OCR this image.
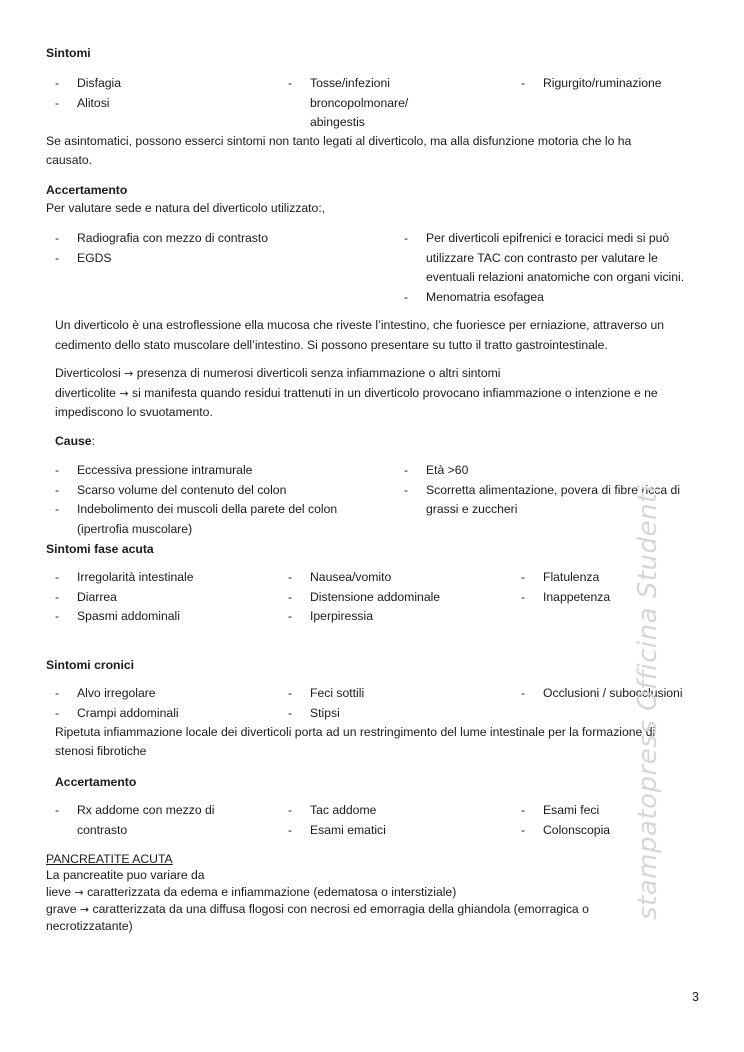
Sintomi
- Disfagia
- Alitosi
- Tosse/infezioni broncopolmonare/ abingestis
- Rigurgito/ruminazione
Se asintomatici, possono esserci sintomi non tanto legati al diverticolo, ma alla disfunzione motoria che lo ha
causato.
Accertamento
Per valutare sede e natura del diverticolo utilizzato:,
- Radiografia con mezzo di contrasto
- EGDS
- Per diverticoli epifrenici e toracici medi si può utilizzare TAC con contrasto per valutare le eventuali relazioni anatomiche con organi vicini.
- Menomatria esofagea
Un diverticolo è una estroflessione ella mucosa che riveste l’intestino, che fuoriesce per erniazione, attraverso un
cedimento dello stato muscolare dell’intestino. Si possono presentare su tutto il tratto gastrointestinale.
Diverticolosi → presenza di numerosi diverticoli senza infiammazione o altri sintomi
diverticolite → si manifesta quando residui trattenuti in un diverticolo provocano infiammazione o intenzione e ne
impediscono lo svuotamento.
Cause:
- Eccessiva pressione intramurale
- Scarso volume del contenuto del colon
- Indebolimento dei muscoli della parete del colon (ipertrofia muscolare)
- Età >60
- Scorretta alimentazione, povera di fibre ricca di grassi e zuccheri
Sintomi fase acuta
- Irregolarità intestinale
- Diarrea
- Spasmi addominali
- Nausea/vomito
- Distensione addominale
- Iperpiressia
- Flatulenza
- Inappetenza
Sintomi cronici
- Alvo irregolare
- Crampi addominali
- Feci sottili
- Stipsi
- Occlusioni / subocclusioni
Ripetuta infiammazione locale dei diverticoli porta ad un restringimento del lume intestinale per la formazione di
stenosi fibrotiche
Accertamento
- Rx addome con mezzo di contrasto
- Tac addome
- Esami ematici
- Esami feci
- Colonscopia
PANCREATITE ACUTA
La pancreatite puo variare da
lieve → caratterizzata da edema e infiammazione (edematosa o interstiziale)
grave → caratterizzata da una diffusa flogosi con necrosi ed emorragia della ghiandola (emorragica o
necrotizzatante)
stampatopress Officina Studenti
3
